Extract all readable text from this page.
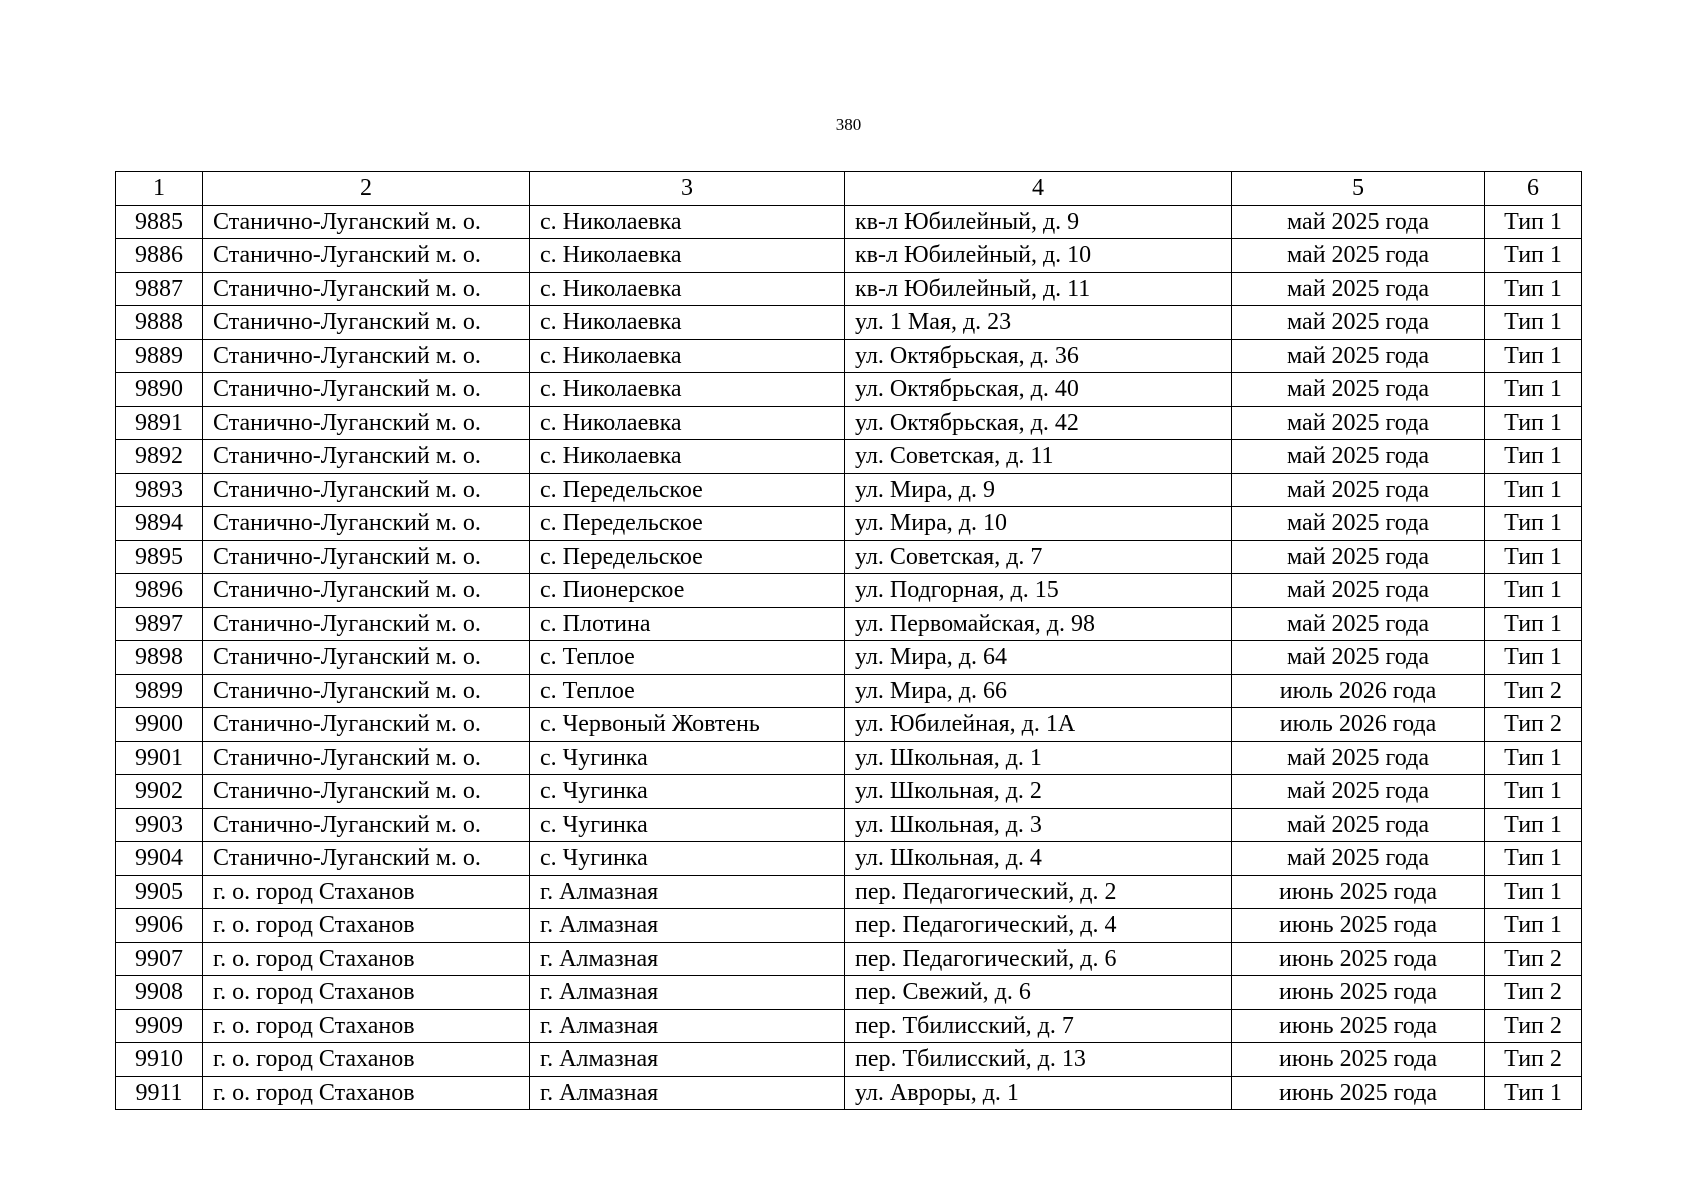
380
1	2	3	4	5	6
9885	Станично-Луганский м. о.	с. Николаевка	кв-л Юбилейный, д. 9	май 2025 года	Тип 1
9886	Станично-Луганский м. о.	с. Николаевка	кв-л Юбилейный, д. 10	май 2025 года	Тип 1
9887	Станично-Луганский м. о.	с. Николаевка	кв-л Юбилейный, д. 11	май 2025 года	Тип 1
9888	Станично-Луганский м. о.	с. Николаевка	ул. 1 Мая, д. 23	май 2025 года	Тип 1
9889	Станично-Луганский м. о.	с. Николаевка	ул. Октябрьская, д. 36	май 2025 года	Тип 1
9890	Станично-Луганский м. о.	с. Николаевка	ул. Октябрьская, д. 40	май 2025 года	Тип 1
9891	Станично-Луганский м. о.	с. Николаевка	ул. Октябрьская, д. 42	май 2025 года	Тип 1
9892	Станично-Луганский м. о.	с. Николаевка	ул. Советская, д. 11	май 2025 года	Тип 1
9893	Станично-Луганский м. о.	с. Передельское	ул. Мира, д. 9	май 2025 года	Тип 1
9894	Станично-Луганский м. о.	с. Передельское	ул. Мира, д. 10	май 2025 года	Тип 1
9895	Станично-Луганский м. о.	с. Передельское	ул. Советская, д. 7	май 2025 года	Тип 1
9896	Станично-Луганский м. о.	с. Пионерское	ул. Подгорная, д. 15	май 2025 года	Тип 1
9897	Станично-Луганский м. о.	с. Плотина	ул. Первомайская, д. 98	май 2025 года	Тип 1
9898	Станично-Луганский м. о.	с. Теплое	ул. Мира, д. 64	май 2025 года	Тип 1
9899	Станично-Луганский м. о.	с. Теплое	ул. Мира, д. 66	июль 2026 года	Тип 2
9900	Станично-Луганский м. о.	с. Червоный Жовтень	ул. Юбилейная, д. 1А	июль 2026 года	Тип 2
9901	Станично-Луганский м. о.	с. Чугинка	ул. Школьная, д. 1	май 2025 года	Тип 1
9902	Станично-Луганский м. о.	с. Чугинка	ул. Школьная, д. 2	май 2025 года	Тип 1
9903	Станично-Луганский м. о.	с. Чугинка	ул. Школьная, д. 3	май 2025 года	Тип 1
9904	Станично-Луганский м. о.	с. Чугинка	ул. Школьная, д. 4	май 2025 года	Тип 1
9905	г. о. город Стаханов	г. Алмазная	пер. Педагогический, д. 2	июнь 2025 года	Тип 1
9906	г. о. город Стаханов	г. Алмазная	пер. Педагогический, д. 4	июнь 2025 года	Тип 1
9907	г. о. город Стаханов	г. Алмазная	пер. Педагогический, д. 6	июнь 2025 года	Тип 2
9908	г. о. город Стаханов	г. Алмазная	пер. Свежий, д. 6	июнь 2025 года	Тип 2
9909	г. о. город Стаханов	г. Алмазная	пер. Тбилисский, д. 7	июнь 2025 года	Тип 2
9910	г. о. город Стаханов	г. Алмазная	пер. Тбилисский, д. 13	июнь 2025 года	Тип 2
9911	г. о. город Стаханов	г. Алмазная	ул. Авроры, д. 1	июнь 2025 года	Тип 1
